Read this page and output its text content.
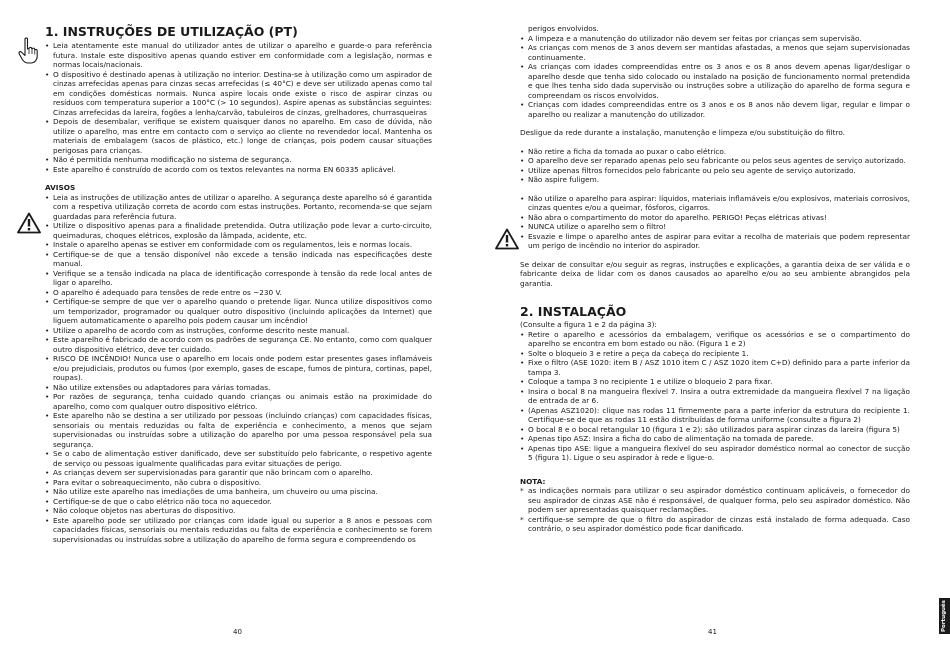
1. INSTRUÇÕES DE UTILIZAÇÃO (PT)
• Leia atentamente este manual do utilizador antes de utilizar o aparelho e guarde-o para referência futura. Instale este dispositivo apenas quando estiver em conformidade com a legislação, normas e normas locais/nacionais.
• O dispositivo é destinado apenas à utilização no interior. Destina-se à utilização como um aspirador de cinzas arrefecidas apenas para cinzas secas arrefecidas (≤ 40°C) e deve ser utilizado apenas como tal em condições domésticas normais. Nunca aspire locais onde existe o risco de aspirar cinzas ou resíduos com temperatura superior a 100°C (> 10 segundos). Aspire apenas as substâncias seguintes: Cinzas arrefecidas da lareira, fogões a lenha/carvão, tabuleiros de cinzas, grelhadores, churrasqueiras
• Depois de desembalar, verifique se existem quaisquer danos no aparelho. Em caso de dúvida, não utilize o aparelho, mas entre em contacto com o serviço ao cliente no revendedor local. Mantenha os materiais de embalagem (sacos de plástico, etc.) longe de crianças, pois podem causar situações perigosas para crianças.
• Não é permitida nenhuma modificação no sistema de segurança.
• Este aparelho é construído de acordo com os textos relevantes na norma EN 60335 aplicável.

AVISOS

• Leia as instruções de utilização antes de utilizar o aparelho. A segurança deste aparelho só é garantida com a respetiva utilização correta de acordo com estas instruções. Portanto, recomenda-se que sejam guardadas para referência futura.
• Utilize o dispositivo apenas para a finalidade pretendida. Outra utilização pode levar a curto-circuito, queimaduras, choques elétricos, explosão da lâmpada, acidente, etc.
• Instale o aparelho apenas se estiver em conformidade com os regulamentos, leis e normas locais.
• Certifique-se de que a tensão disponível não excede a tensão indicada nas especificações deste manual.
• Verifique se a tensão indicada na placa de identificação corresponde à tensão da rede local antes de ligar o aparelho.
• O aparelho é adequado para tensões de rede entre os ~230 V.
• Certifique-se sempre de que ver o aparelho quando o pretende ligar. Nunca utilize dispositivos como um temporizador, programador ou qualquer outro dispositivo (incluindo aplicações da Internet) que liguem automaticamente o aparelho pois podem causar um incêndio!
• Utilize o aparelho de acordo com as instruções, conforme descrito neste manual.
• Este aparelho é fabricado de acordo com os padrões de segurança CE. No entanto, como com qualquer outro dispositivo elétrico, deve ter cuidado.
• RISCO DE INCÊNDIO! Nunca use o aparelho em locais onde podem estar presentes gases inflamáveis e/ou prejudiciais, produtos ou fumos (por exemplo, gases de escape, fumos de pintura, cortinas, papel, roupas).
• Não utilize extensões ou adaptadores para várias tomadas.
• Por razões de segurança, tenha cuidado quando crianças ou animais estão na proximidade do aparelho, como com qualquer outro dispositivo elétrico.
• Este aparelho não se destina a ser utilizado por pessoas (incluindo crianças) com capacidades físicas, sensoriais ou mentais reduzidas ou falta de experiência e conhecimento, a menos que sejam supervisionadas ou instruídas sobre a utilização do aparelho por uma pessoa responsável pela sua segurança.
• Se o cabo de alimentação estiver danificado, deve ser substituído pelo fabricante, o respetivo agente de serviço ou pessoas igualmente qualificadas para evitar situações de perigo.
• As crianças devem ser supervisionadas para garantir que não brincam com o aparelho.
• Para evitar o sobreaquecimento, não cubra o dispositivo.
• Não utilize este aparelho nas imediações de uma banheira, um chuveiro ou uma piscina.
• Certifique-se de que o cabo elétrico não toca no aquecedor.
• Não coloque objetos nas aberturas do dispositivo.
• Este aparelho pode ser utilizado por crianças com idade igual ou superior a 8 anos e pessoas com capacidades físicas, sensoriais ou mentais reduzidas ou falta de experiência e conhecimento se forem supervisionadas ou instruídas sobre a utilização do aparelho de forma segura e compreendendo os
40

perigos envolvidos.

• A limpeza e a manutenção do utilizador não devem ser feitas por crianças sem supervisão.
• As crianças com menos de 3 anos devem ser mantidas afastadas, a menos que sejam supervisionadas continuamente.
• As crianças com idades compreendidas entre os 3 anos e os 8 anos devem apenas ligar/desligar o aparelho desde que tenha sido colocado ou instalado na posição de funcionamento normal pretendida e que lhes tenha sido dada supervisão ou instruções sobre a utilização do aparelho de forma segura e compreendam os riscos envolvidos.
• Crianças com idades compreendidas entre os 3 anos e os 8 anos não devem ligar, regular e limpar o aparelho ou realizar a manutenção do utilizador.

Desligue da rede durante a instalação, manutenção e limpeza e/ou substituição do filtro.

• Não retire a ficha da tomada ao puxar o cabo elétrico.
• O aparelho deve ser reparado apenas pelo seu fabricante ou pelos seus agentes de serviço autorizado.
• Utilize apenas filtros fornecidos pelo fabricante ou pelo seu agente de serviço autorizado.
• Não aspire fuligem.
• Não utilize o aparelho para aspirar: líquidos, materiais inflamáveis e/ou explosivos, materiais corrosivos, cinzas quentes e/ou a queimar, fósforos, cigarros.
• Não abra o compartimento do motor do aparelho. PERIGO! Peças elétricas ativas!
• NUNCA utilize o aparelho sem o filtro!
• Esvazie e limpe o aparelho antes de aspirar para evitar a recolha de materiais que podem representar um perigo de incêndio no interior do aspirador.

Se deixar de consultar e/ou seguir as regras, instruções e explicações, a garantia deixa de ser válida e o fabricante deixa de lidar com os danos causados ao aparelho e/ou ao seu ambiente abrangidos pela garantia.

2. INSTALAÇÃO

(Consulte a figura 1 e 2 da página 3):

• Retire o aparelho e acessórios da embalagem, verifique os acessórios e se o compartimento do aparelho se encontra em bom estado ou não. (Figura 1 e 2)
• Solte o bloqueio 3 e retire a peça da cabeça do recipiente 1.
• Fixe o filtro (ASE 1020: item B / ASZ 1010 item C / ASZ 1020 item C+D) definido para a parte inferior da tampa 3.
• Coloque a tampa 3 no recipiente 1 e utilize o bloqueio 2 para fixar.
• Insira o bocal 8 na mangueira flexível 7. Insira a outra extremidade da mangueira flexível 7 na ligação de entrada de ar 6.
• (Apenas ASZ1020): clique nas rodas 11 firmemente para a parte inferior da estrutura do recipiente 1. Certifique-se de que as rodas 11 estão distribuídas de forma uniforme (consulte a figura 2)
• O bocal 8 e o bocal retangular 10 (figura 1 e 2): são utilizados para aspirar cinzas da lareira (figura 5)
• Apenas tipo ASZ: Insira a ficha do cabo de alimentação na tomada de parede.
• Apenas tipo ASE: ligue a mangueira flexível do seu aspirador doméstico normal ao conector de sucção 5 (figura 1). Ligue o seu aspirador à rede e ligue-o.

NOTA:

* as indicações normais para utilizar o seu aspirador doméstico continuam aplicáveis, o fornecedor do seu aspirador de cinzas ASE não é responsável, de qualquer forma, pelo seu aspirador doméstico. Não podem ser apresentadas quaisquer reclamações.
* certifique-se sempre de que o filtro do aspirador de cinzas está instalado de forma adequada. Caso contrário, o seu aspirador doméstico pode ficar danificado.
41
Português
